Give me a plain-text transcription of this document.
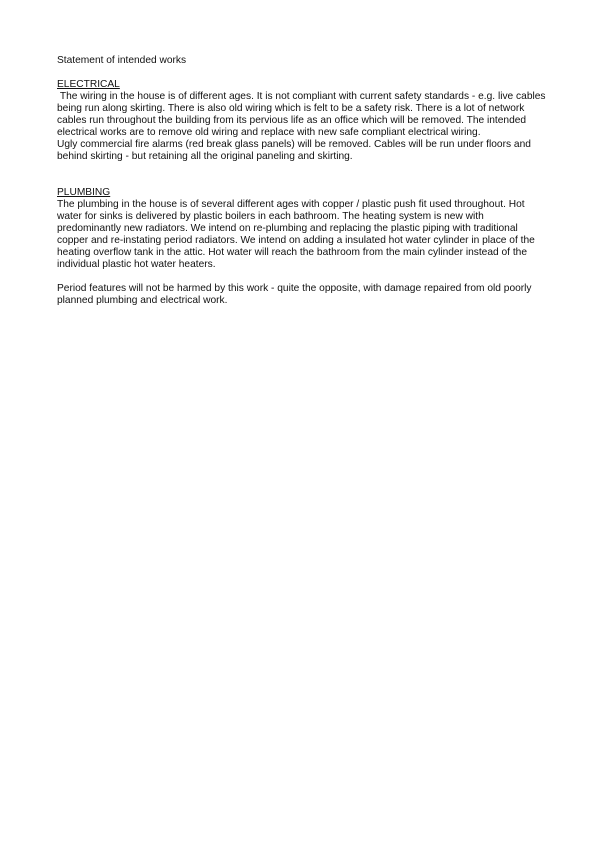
Statement of intended works

ELECTRICAL

The wiring in the house is of different ages. It is not compliant with current safety standards - e.g. live cables being run along skirting. There is also old wiring which is felt to be a safety risk. There is a lot of network cables run throughout the building from its pervious life as an office which will be removed. The intended electrical works are to remove old wiring and replace with new safe compliant electrical wiring.

Ugly commercial fire alarms (red break glass panels) will be removed. Cables will be run under floors and behind skirting - but retaining all the original paneling and skirting.

PLUMBING

The plumbing in the house is of several different ages with copper / plastic push fit used throughout. Hot water for sinks is delivered by plastic boilers in each bathroom. The heating system is new with predominantly new radiators. We intend on re-plumbing and replacing the plastic piping with traditional copper and re-instating period radiators. We intend on adding a insulated hot water cylinder in place of the heating overflow tank in the attic. Hot water will reach the bathroom from the main cylinder instead of the individual plastic hot water heaters.

Period features will not be harmed by this work - quite the opposite, with damage repaired from old poorly planned plumbing and electrical work.
